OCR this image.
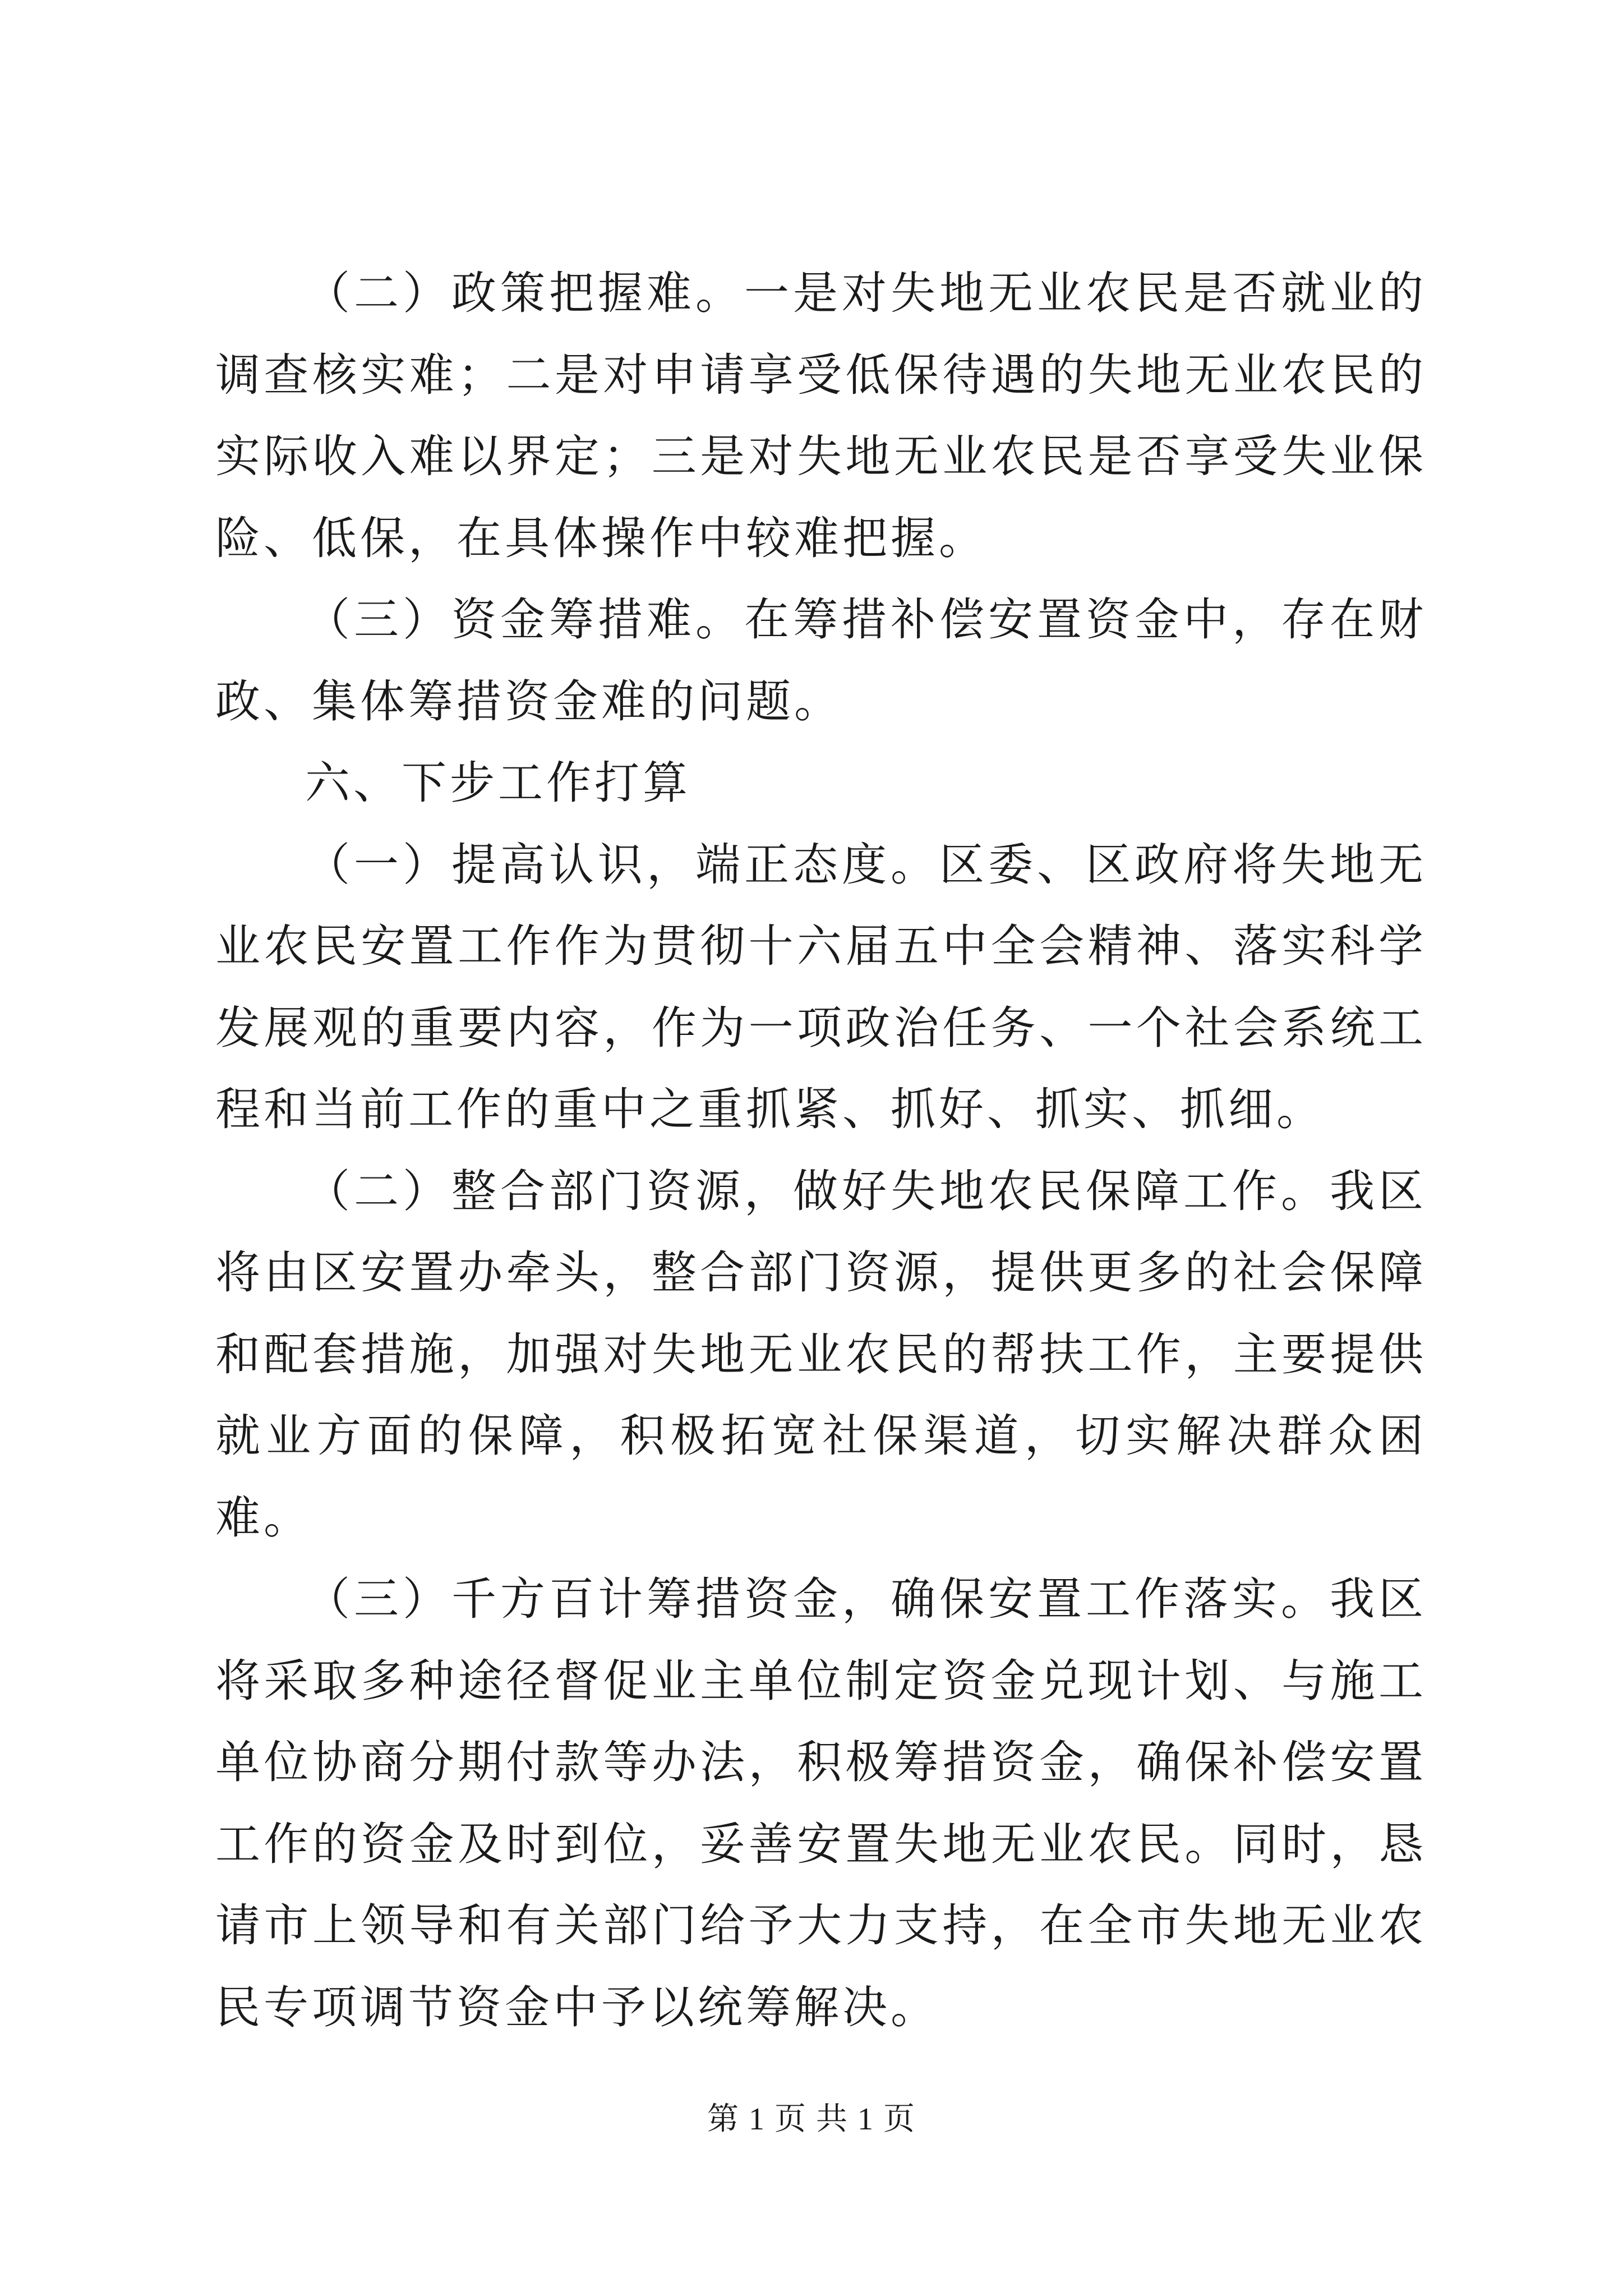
（二）政策把握难。一是对失地无业农民是否就业的调查核实难；二是对申请享受低保待遇的失地无业农民的实际收入难以界定；三是对失地无业农民是否享受失业保险、低保，在具体操作中较难把握。

（三）资金筹措难。在筹措补偿安置资金中，存在财政、集体筹措资金难的问题。

六、下步工作打算

（一）提高认识，端正态度。区委、区政府将失地无业农民安置工作作为贯彻十六届五中全会精神、落实科学发展观的重要内容，作为一项政治任务、一个社会系统工程和当前工作的重中之重抓紧、抓好、抓实、抓细。

（二）整合部门资源，做好失地农民保障工作。我区将由区安置办牵头，整合部门资源，提供更多的社会保障和配套措施，加强对失地无业农民的帮扶工作，主要提供就业方面的保障，积极拓宽社保渠道，切实解决群众困难。

（三）千方百计筹措资金，确保安置工作落实。我区将采取多种途径督促业主单位制定资金兑现计划、与施工单位协商分期付款等办法，积极筹措资金，确保补偿安置工作的资金及时到位，妥善安置失地无业农民。同时，恳请市上领导和有关部门给予大力支持，在全市失地无业农民专项调节资金中予以统筹解决。

第 1 页 共 1 页
